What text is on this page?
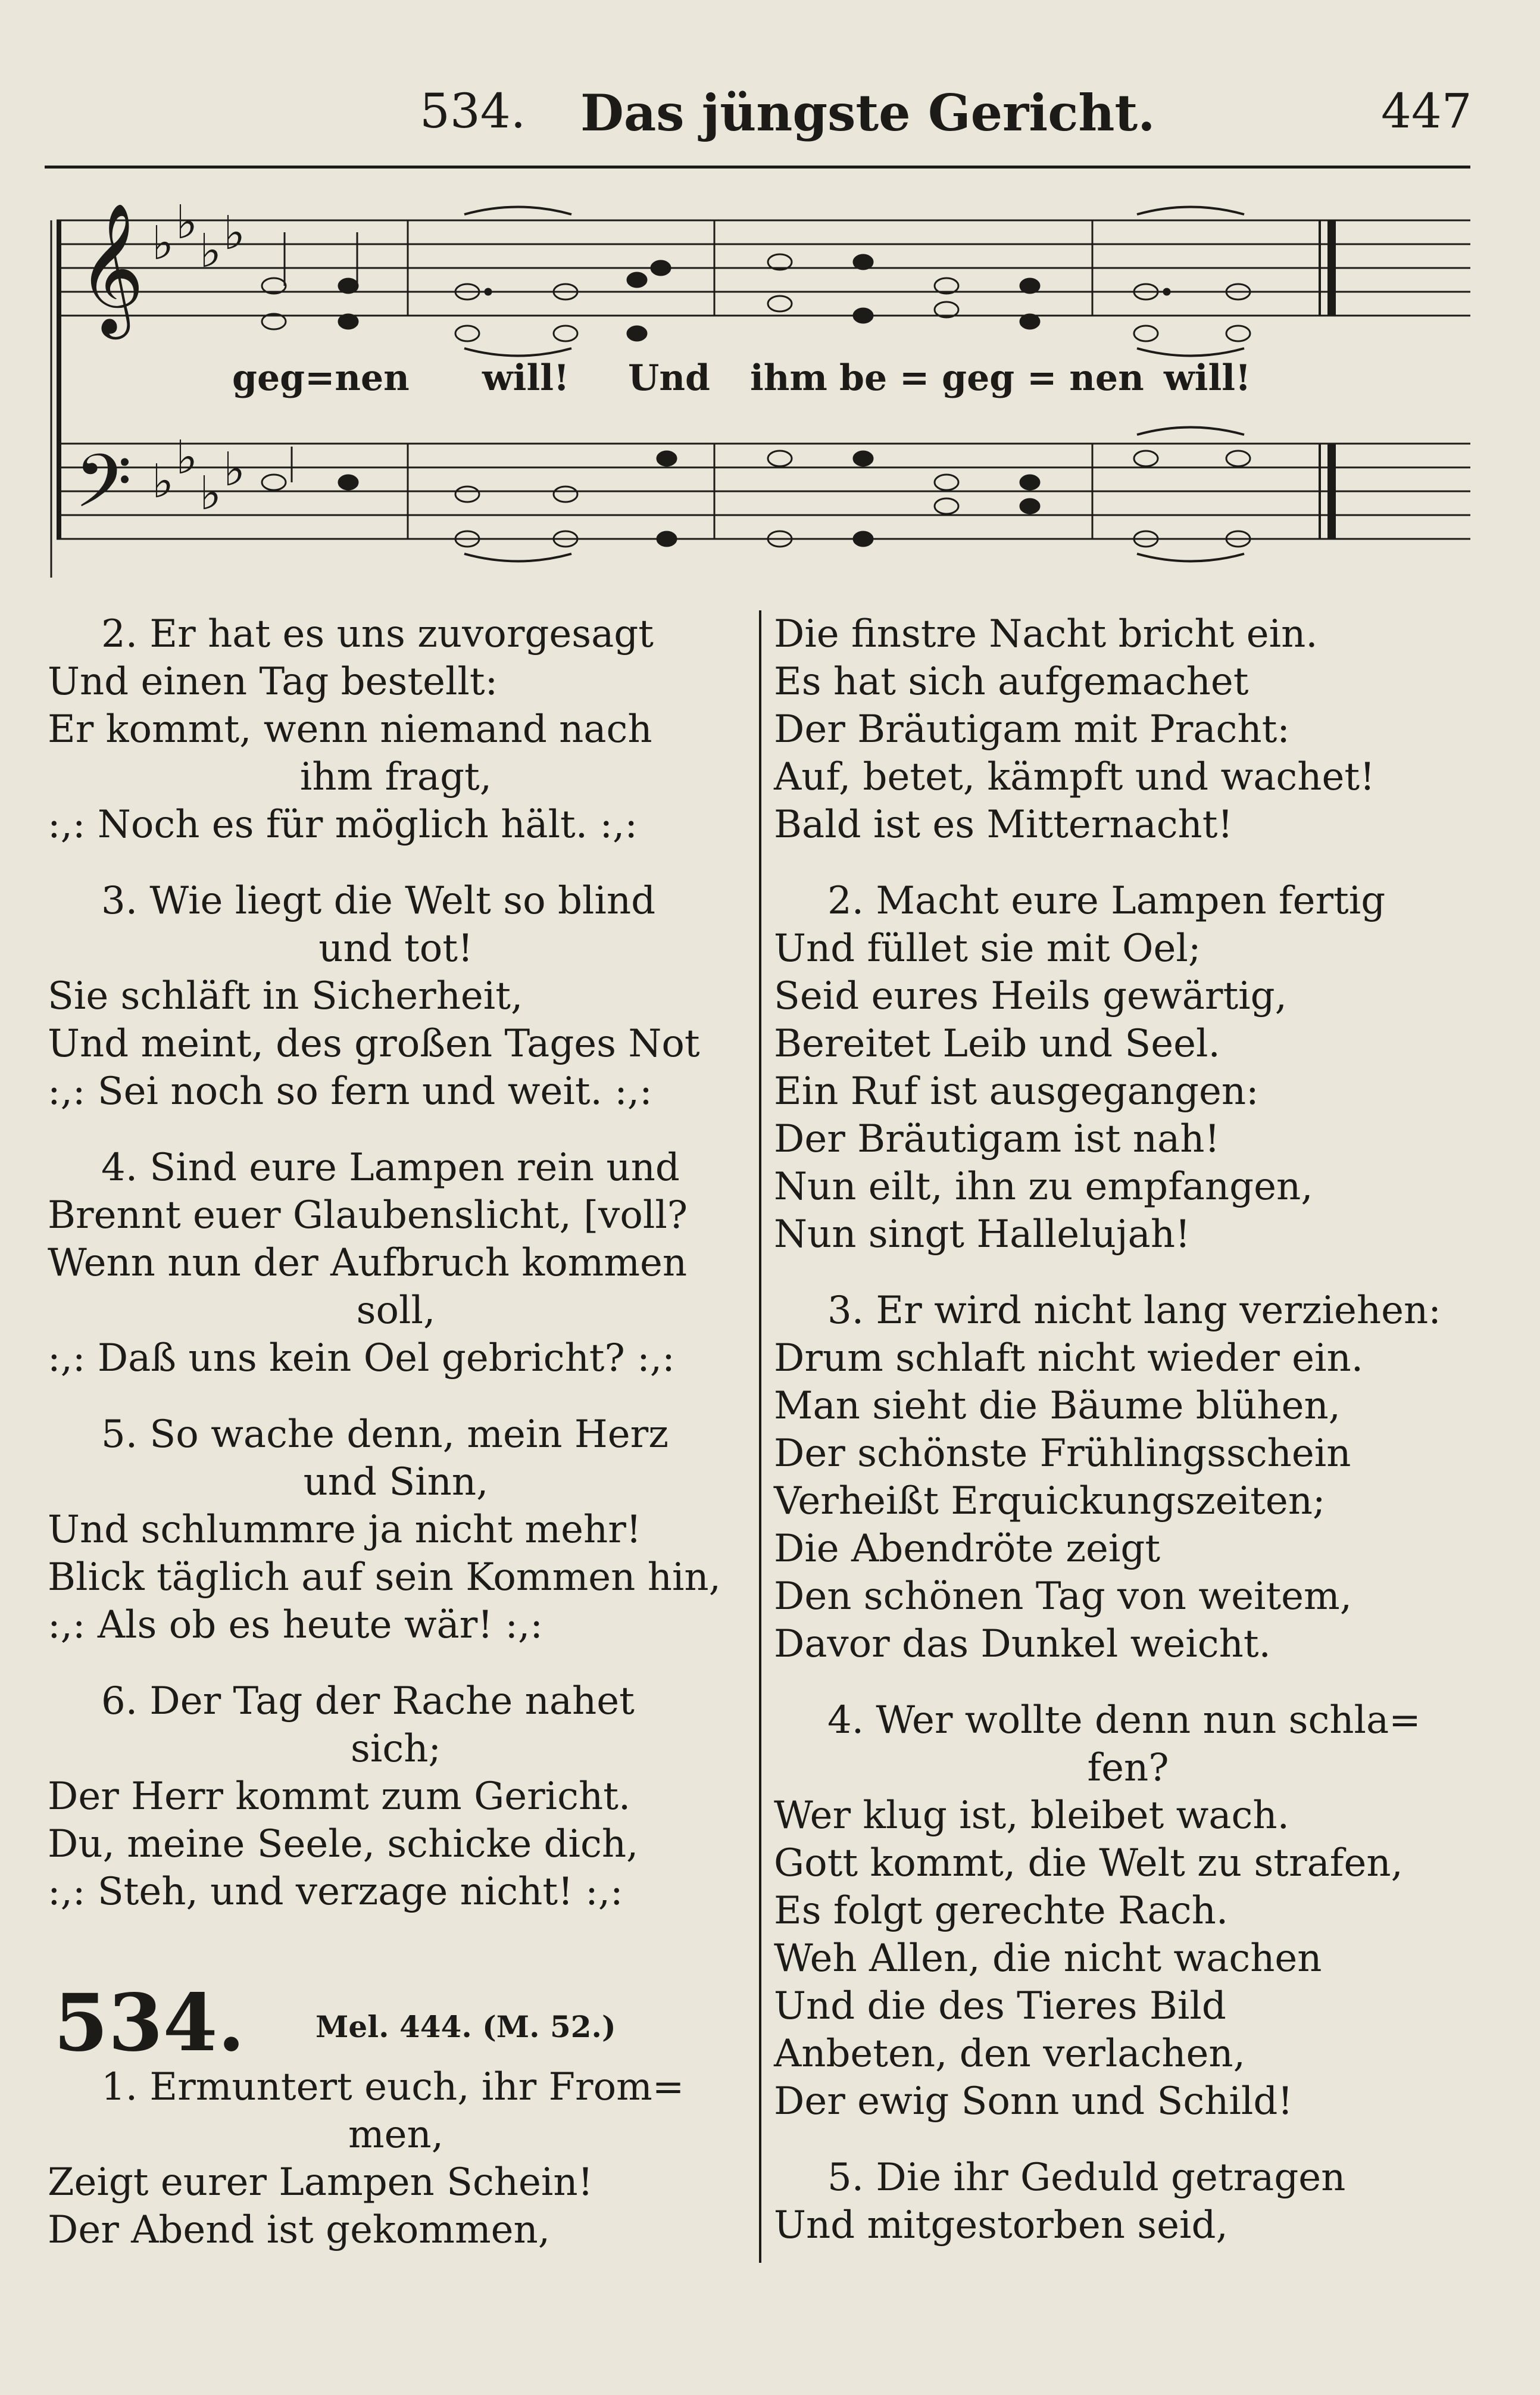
534. Das jüngste Gericht.	447
𝄞
𝄢
♭ ♭
♭ ♭
♭ ♭
♭ ♭
geg=nen will! Und ihm be = geg = nen will!
2. Er hat es uns zuvorgesagt
Und einen Tag bestellt:
Er kommt, wenn niemand nach
ihm fragt,
:,: Noch es für möglich hält. :,:
3. Wie liegt die Welt so blind
und tot!
Sie schläft in Sicherheit,
Und meint, des großen Tages Not
:,: Sei noch so fern und weit. :,:
4. Sind eure Lampen rein und
Brennt euer Glaubenslicht, [voll?
Wenn nun der Aufbruch kommen
soll,
:,: Daß uns kein Oel gebricht? :,:
5. So wache denn, mein Herz
und Sinn,
Und schlummre ja nicht mehr!
Blick täglich auf sein Kommen hin,
:,: Als ob es heute wär! :,:
6. Der Tag der Rache nahet
sich;
Der Herr kommt zum Gericht.
Du, meine Seele, schicke dich,
:,: Steh, und verzage nicht! :,:
534. Mel. 444. (M. 52.)
1. Ermuntert euch, ihr From=
men,
Zeigt eurer Lampen Schein!
Der Abend ist gekommen,
Die finstre Nacht bricht ein.
Es hat sich aufgemachet
Der Bräutigam mit Pracht:
Auf, betet, kämpft und wachet!
Bald ist es Mitternacht!
2. Macht eure Lampen fertig
Und füllet sie mit Oel;
Seid eures Heils gewärtig,
Bereitet Leib und Seel.
Ein Ruf ist ausgegangen:
Der Bräutigam ist nah!
Nun eilt, ihn zu empfangen,
Nun singt Hallelujah!
3. Er wird nicht lang verziehen:
Drum schlaft nicht wieder ein.
Man sieht die Bäume blühen,
Der schönste Frühlingsschein
Verheißt Erquickungszeiten;
Die Abendröte zeigt
Den schönen Tag von weitem,
Davor das Dunkel weicht.
4. Wer wollte denn nun schla=
fen?
Wer klug ist, bleibet wach.
Gott kommt, die Welt zu strafen,
Es folgt gerechte Rach.
Weh Allen, die nicht wachen
Und die des Tieres Bild
Anbeten, den verlachen,
Der ewig Sonn und Schild!
5. Die ihr Geduld getragen
Und mitgestorben seid,
